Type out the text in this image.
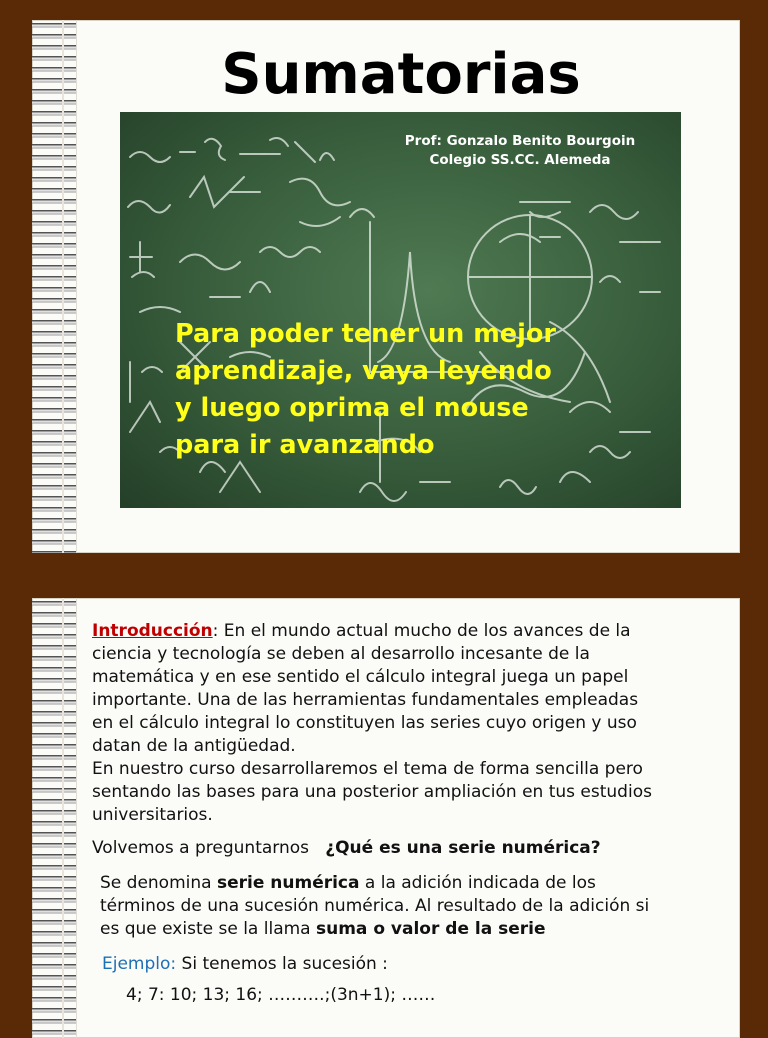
Sumatorias
Prof: Gonzalo Benito Bourgoin
Colegio SS.CC. Alemeda
Para poder tener un mejor
aprendizaje, vaya leyendo
y luego oprima el mouse
para ir avanzando

Introducción: En el mundo actual mucho de los avances de la
ciencia y tecnología se deben al desarrollo incesante de la
matemática y en ese sentido el cálculo integral juega un papel
importante. Una de las herramientas fundamentales empleadas
en el cálculo integral lo constituyen las series cuyo origen y uso
datan de la antigüedad.
En nuestro curso desarrollaremos el tema de forma sencilla pero
sentando las bases para una posterior ampliación en tus estudios
universitarios.

Volvemos a preguntarnos ¿Qué es una serie numérica?

Se denomina serie numérica a la adición indicada de los
términos de una sucesión numérica. Al resultado de la adición si
es que existe se la llama suma o valor de la serie

Ejemplo: Si tenemos la sucesión :

4; 7: 10; 13; 16; ……….;(3n+1); ……
